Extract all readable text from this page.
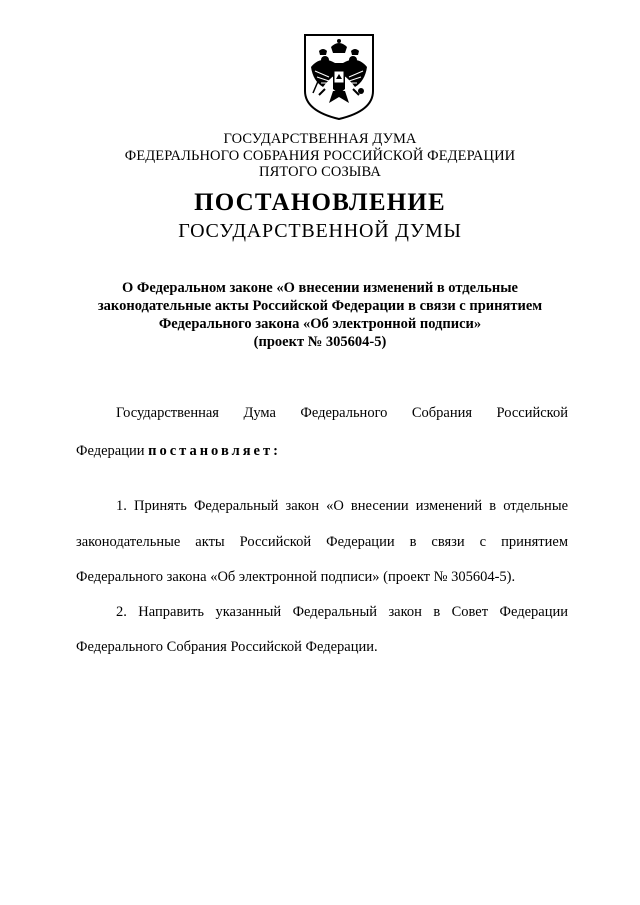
ГОСУДАРСТВЕННАЯ ДУМА
ФЕДЕРАЛЬНОГО СОБРАНИЯ РОССИЙСКОЙ ФЕДЕРАЦИИ
ПЯТОГО СОЗЫВА
ПОСТАНОВЛЕНИЕ
ГОСУДАРСТВЕННОЙ ДУМЫ
О Федеральном законе «О внесении изменений в отдельные
законодательные акты Российской Федерации в связи с принятием
Федерального закона «Об электронной подписи»
(проект № 305604-5)
Государственная Дума Федерального Собрания Российской
Федерации постановляет:
1. Принять Федеральный закон «О внесении изменений в отдельные
законодательные акты Российской Федерации в связи с принятием
Федерального закона «Об электронной подписи» (проект № 305604-5).
2. Направить указанный Федеральный закон в Совет Федерации
Федерального Собрания Российской Федерации.
